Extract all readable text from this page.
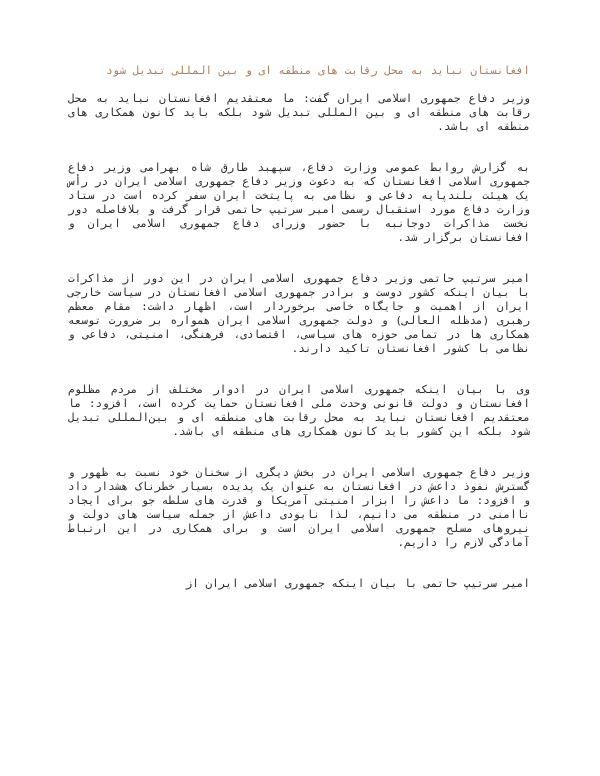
افغانستان نباید به محل رقابت های منطقه ای و بین المللی تبدیل شود

وزیر دفاع جمهوری اسلامی ایران گفت: ما معتقدیم افغانستان نباید به محل رقابت های منطقه ای و بین المللی تبدیل شود بلکه باید کانون همکاری های منطقه ای باشد.

به گزارش روابط عمومی وزارت دفاع، سپهبد طارق شاه بهرامی وزیر دفاع جمهوری اسلامی افغانستان که به دعوت وزیر دفاع جمهوری اسلامی ایران در رأس یک هیئت بلندپایه دفاعی و نظامی به پایتخت ایران سفر کرده است در ستاد وزارت دفاع مورد استقبال رسمی امیر سرتیپ حاتمی قرار گرفت و بلافاصله دور نخست مذاکرات دوجانبه با حضور وزرای دفاع جمهوری اسلامی ایران و افغانستان برگزار شد.

امیر سرتیپ حاتمی وزیر دفاع جمهوری اسلامی ایران در این دور از مذاکرات با بیان اینکه کشور دوست و برادر جمهوری اسلامی افغانستان در سیاست خارجی ایران از اهمیت و جایگاه خاصی برخوردار است، اظهار داشت: مقام معظم رهبری (مدظله العالی) و دولت جمهوری اسلامی ایران همواره بر ضرورت توسعه همکاری ها در تمامی حوزه های سیاسی، اقتصادی، فرهنگی، امنیتی، دفاعی و نظامی با کشور افغانستان تاکید دارند.

وی با بیان اینکه جمهوری اسلامی ایران در ادوار مختلف از مردم مظلوم افغانستان و دولت قانونی وحدت ملی افغانستان حمایت کرده است، افزود: ما معتقدیم افغانستان نباید به محل رقابت های منطقه ای و بین‌المللی تبدیل شود بلکه این کشور باید کانون همکاری های منطقه ای باشد.

وزیر دفاع جمهوری اسلامی ایران در بخش دیگری از سخنان خود نسبت به ظهور و گسترش نفوذ داعش در افغانستان به عنوان یک پدیده بسیار خطرناک هشدار داد و افزود: ما داعش را ابزار امنیتی آمریکا و قدرت های سلطه جو برای ایجاد ناامنی در منطقه می دانیم، لذا نابودی داعش از جمله سیاست های دولت و نیروهای مسلح جمهوری اسلامی ایران است و برای همکاری در این ارتباط آمادگی لازم را داریم.

امیر سرتیپ حاتمی با بیان اینکه جمهوری اسلامی ایران از
